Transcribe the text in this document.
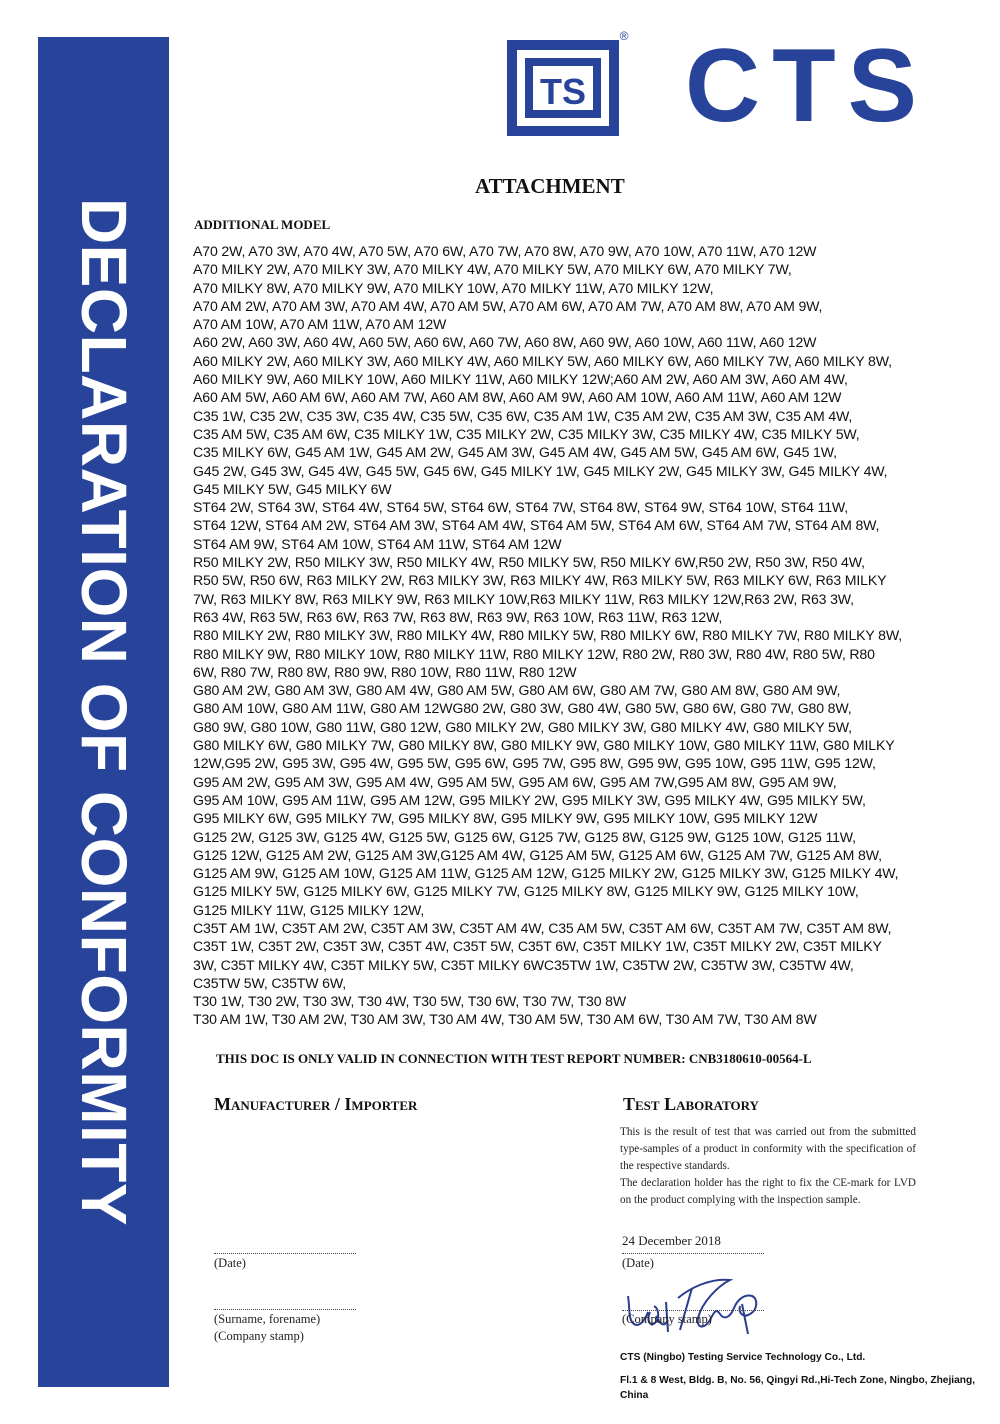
DECLARATION OF CONFORMITY
TS
® CTS
ATTACHMENT
ADDITIONAL MODEL
A70 2W, A70 3W, A70 4W, A70 5W, A70 6W, A70 7W, A70 8W, A70 9W, A70 10W, A70 11W, A70 12W
A70 MILKY 2W, A70 MILKY 3W, A70 MILKY 4W, A70 MILKY 5W, A70 MILKY 6W, A70 MILKY 7W,
A70 MILKY 8W, A70 MILKY 9W, A70 MILKY 10W, A70 MILKY 11W, A70 MILKY 12W,
A70 AM 2W, A70 AM 3W, A70 AM 4W, A70 AM 5W, A70 AM 6W, A70 AM 7W, A70 AM 8W, A70 AM 9W,
A70 AM 10W, A70 AM 11W, A70 AM 12W
A60 2W, A60 3W, A60 4W, A60 5W, A60 6W, A60 7W, A60 8W, A60 9W, A60 10W, A60 11W, A60 12W
A60 MILKY 2W, A60 MILKY 3W, A60 MILKY 4W, A60 MILKY 5W, A60 MILKY 6W, A60 MILKY 7W, A60 MILKY 8W,
A60 MILKY 9W, A60 MILKY 10W, A60 MILKY 11W, A60 MILKY 12W;A60 AM 2W, A60 AM 3W, A60 AM 4W,
A60 AM 5W, A60 AM 6W, A60 AM 7W, A60 AM 8W, A60 AM 9W, A60 AM 10W, A60 AM 11W, A60 AM 12W
C35 1W, C35 2W, C35 3W, C35 4W, C35 5W, C35 6W, C35 AM 1W, C35 AM 2W, C35 AM 3W, C35 AM 4W,
C35 AM 5W, C35 AM 6W, C35 MILKY 1W, C35 MILKY 2W, C35 MILKY 3W, C35 MILKY 4W, C35 MILKY 5W,
C35 MILKY 6W, G45 AM 1W, G45 AM 2W, G45 AM 3W, G45 AM 4W, G45 AM 5W, G45 AM 6W, G45 1W,
G45 2W, G45 3W, G45 4W, G45 5W, G45 6W, G45 MILKY 1W, G45 MILKY 2W, G45 MILKY 3W, G45 MILKY 4W,
G45 MILKY 5W, G45 MILKY 6W
ST64 2W, ST64 3W, ST64 4W, ST64 5W, ST64 6W, ST64 7W, ST64 8W, ST64 9W, ST64 10W, ST64 11W,
ST64 12W, ST64 AM 2W, ST64 AM 3W, ST64 AM 4W, ST64 AM 5W, ST64 AM 6W, ST64 AM 7W, ST64 AM 8W,
ST64 AM 9W, ST64 AM 10W, ST64 AM 11W, ST64 AM 12W
R50 MILKY 2W, R50 MILKY 3W, R50 MILKY 4W, R50 MILKY 5W, R50 MILKY 6W,R50 2W, R50 3W, R50 4W,
R50 5W, R50 6W, R63 MILKY 2W, R63 MILKY 3W, R63 MILKY 4W, R63 MILKY 5W, R63 MILKY 6W, R63 MILKY
7W, R63 MILKY 8W, R63 MILKY 9W, R63 MILKY 10W,R63 MILKY 11W, R63 MILKY 12W,R63 2W, R63 3W,
R63 4W, R63 5W, R63 6W, R63 7W, R63 8W, R63 9W, R63 10W, R63 11W, R63 12W,
R80 MILKY 2W, R80 MILKY 3W, R80 MILKY 4W, R80 MILKY 5W, R80 MILKY 6W, R80 MILKY 7W, R80 MILKY 8W,
R80 MILKY 9W, R80 MILKY 10W, R80 MILKY 11W, R80 MILKY 12W, R80 2W, R80 3W, R80 4W, R80 5W, R80
6W, R80 7W, R80 8W, R80 9W, R80 10W, R80 11W, R80 12W
G80 AM 2W, G80 AM 3W, G80 AM 4W, G80 AM 5W, G80 AM 6W, G80 AM 7W, G80 AM 8W, G80 AM 9W,
G80 AM 10W, G80 AM 11W, G80 AM 12WG80 2W, G80 3W, G80 4W, G80 5W, G80 6W, G80 7W, G80 8W,
G80 9W, G80 10W, G80 11W, G80 12W, G80 MILKY 2W, G80 MILKY 3W, G80 MILKY 4W, G80 MILKY 5W,
G80 MILKY 6W, G80 MILKY 7W, G80 MILKY 8W, G80 MILKY 9W, G80 MILKY 10W, G80 MILKY 11W, G80 MILKY
12W,G95 2W, G95 3W, G95 4W, G95 5W, G95 6W, G95 7W, G95 8W, G95 9W, G95 10W, G95 11W, G95 12W,
G95 AM 2W, G95 AM 3W, G95 AM 4W, G95 AM 5W, G95 AM 6W, G95 AM 7W,G95 AM 8W, G95 AM 9W,
G95 AM 10W, G95 AM 11W, G95 AM 12W, G95 MILKY 2W, G95 MILKY 3W, G95 MILKY 4W, G95 MILKY 5W,
G95 MILKY 6W, G95 MILKY 7W, G95 MILKY 8W, G95 MILKY 9W, G95 MILKY 10W, G95 MILKY 12W
G125 2W, G125 3W, G125 4W, G125 5W, G125 6W, G125 7W, G125 8W, G125 9W, G125 10W, G125 11W,
G125 12W, G125 AM 2W, G125 AM 3W,G125 AM 4W, G125 AM 5W, G125 AM 6W, G125 AM 7W, G125 AM 8W,
G125 AM 9W, G125 AM 10W, G125 AM 11W, G125 AM 12W, G125 MILKY 2W, G125 MILKY 3W, G125 MILKY 4W,
G125 MILKY 5W, G125 MILKY 6W, G125 MILKY 7W, G125 MILKY 8W, G125 MILKY 9W, G125 MILKY 10W,
G125 MILKY 11W, G125 MILKY 12W,
C35T AM 1W, C35T AM 2W, C35T AM 3W, C35T AM 4W, C35 AM 5W, C35T AM 6W, C35T AM 7W, C35T AM 8W,
C35T 1W, C35T 2W, C35T 3W, C35T 4W, C35T 5W, C35T 6W, C35T MILKY 1W, C35T MILKY 2W, C35T MILKY
3W, C35T MILKY 4W, C35T MILKY 5W, C35T MILKY 6WC35TW 1W, C35TW 2W, C35TW 3W, C35TW 4W,
C35TW 5W, C35TW 6W,
T30 1W, T30 2W, T30 3W, T30 4W, T30 5W, T30 6W, T30 7W, T30 8W
T30 AM 1W, T30 AM 2W, T30 AM 3W, T30 AM 4W, T30 AM 5W, T30 AM 6W, T30 AM 7W, T30 AM 8W
THIS DOC IS ONLY VALID IN CONNECTION WITH TEST REPORT NUMBER: CNB3180610-00564-L
Manufacturer / Importer
(Date)
(Surname, forename)
(Company stamp)
Test Laboratory

This is the result of test that was carried out from the submitted type-samples of a product in conformity with the specification of the respective standards.

The declaration holder has the right to fix the CE-mark for LVD on the product complying with the inspection sample.

24 December 2018
(Date)
(Company stamp)
CTS (Ningbo) Testing Service Technology Co., Ltd.
Fl.1 & 8 West, Bldg. B, No. 56, Qingyi Rd.,Hi-Tech Zone, Ningbo, Zhejiang, China
